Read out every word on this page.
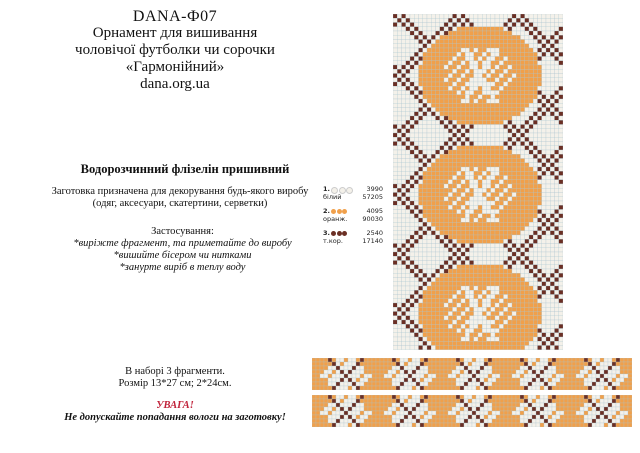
DANA-Ф07
Орнамент для вишивання
чоловічої футболки чи сорочки
«Гармонійний»
dana.org.ua
Водорозчинний флізелін пришивний
Заготовка призначена для декорування будь-якого виробу
(одяг, аксесуари, скатертини, серветки)
Застосування:
*виріжте фрагмент, та приметайте до виробу
*вишийте бісером чи нитками
*занурте виріб в теплу воду
1.	3990
білий	57205
2.	4095
оранж. 90030
3.	2540
т.кор.	17140
В наборі 3 фрагменти.
Розмір 13*27 см; 2*24см.
УВАГА!
Не допускайте попадання вологи на заготовку!
